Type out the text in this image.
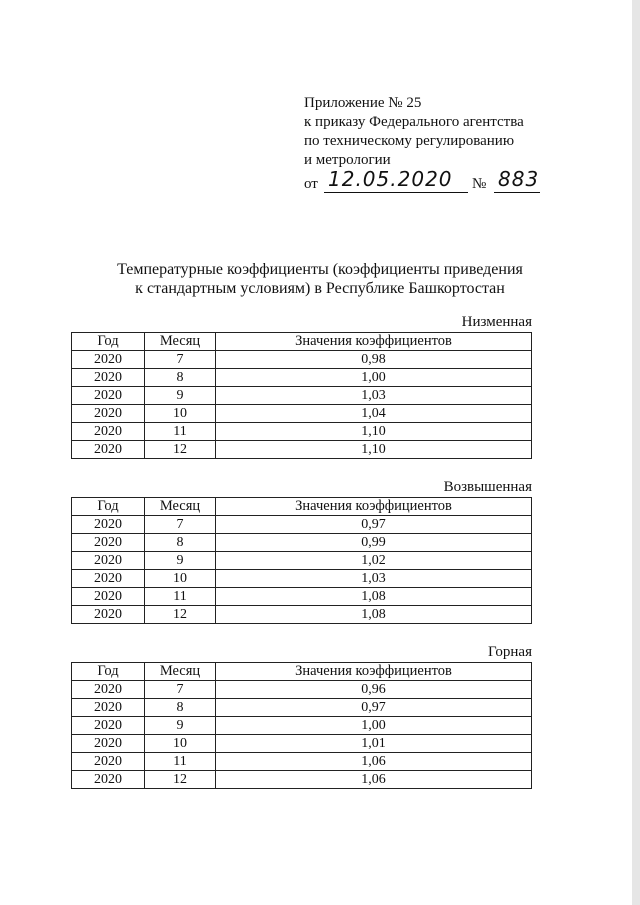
Приложение № 25
к приказу Федерального агентства
по техническому регулированию
и метрологии
от 12.05.2020 № 883
Температурные коэффициенты (коэффициенты приведения
к стандартным условиям) в Республике Башкортостан
Низменная
Год	Месяц	Значения коэффициентов
2020	7	0,98
2020	8	1,00
2020	9	1,03
2020	10	1,04
2020	11	1,10
2020	12	1,10
Возвышенная
Год	Месяц	Значения коэффициентов
2020	7	0,97
2020	8	0,99
2020	9	1,02
2020	10	1,03
2020	11	1,08
2020	12	1,08
Горная
Год	Месяц	Значения коэффициентов
2020	7	0,96
2020	8	0,97
2020	9	1,00
2020	10	1,01
2020	11	1,06
2020	12	1,06
